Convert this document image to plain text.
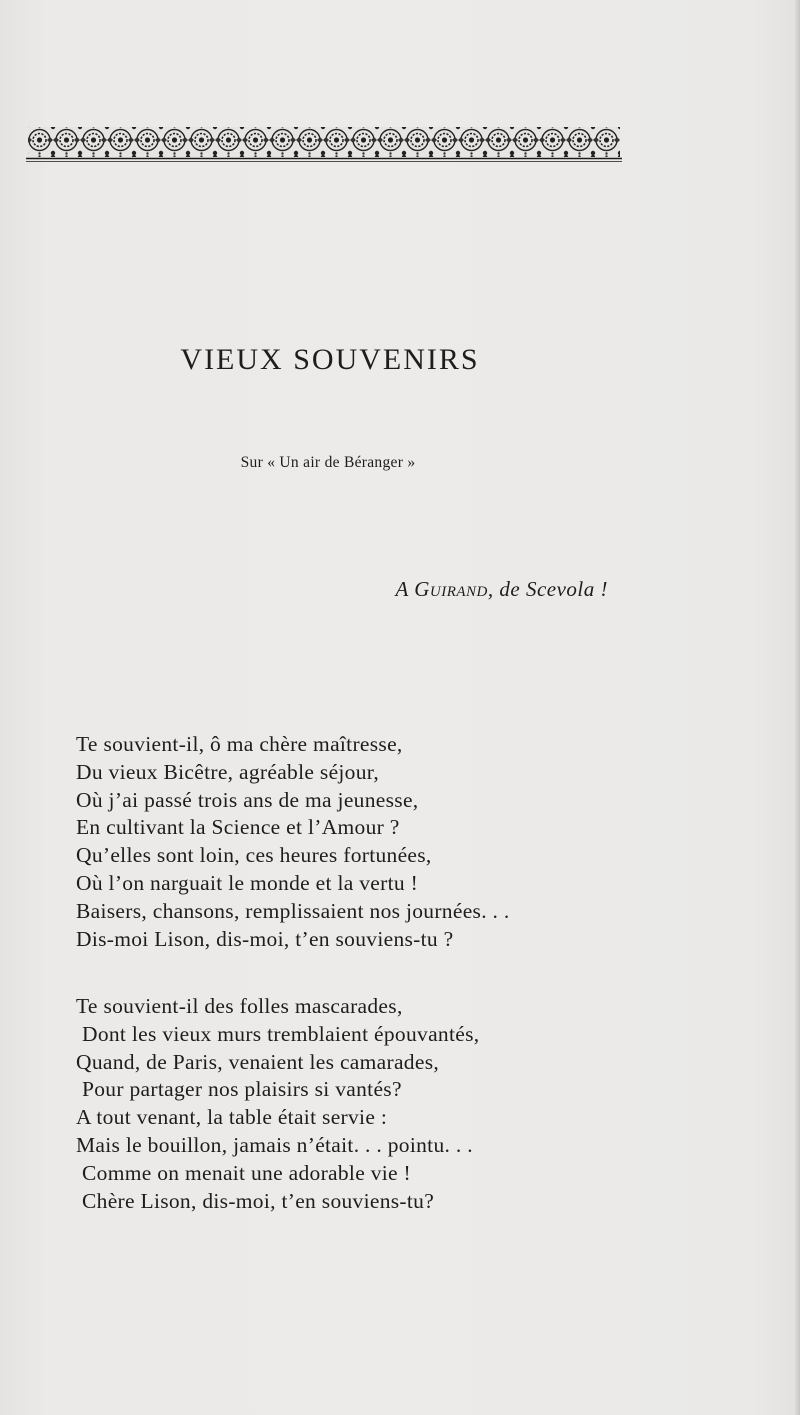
VIEUX SOUVENIRS
Sur « Un air de Béranger »
A Guirand, de Scevola !
Te souvient-il, ô ma chère maîtresse,
Du vieux Bicêtre, agréable séjour,
Où j’ai passé trois ans de ma jeunesse,
En cultivant la Science et l’Amour ?
Qu’elles sont loin, ces heures fortunées,
Où l’on narguait le monde et la vertu !
Baisers, chansons, remplissaient nos journées. . .
Dis-moi Lison, dis-moi, t’en souviens-tu ?
Te souvient-il des folles mascarades,
Dont les vieux murs tremblaient épouvantés,
Quand, de Paris, venaient les camarades,
Pour partager nos plaisirs si vantés?
A tout venant, la table était servie :
Mais le bouillon, jamais n’était. . . pointu. . .
Comme on menait une adorable vie !
Chère Lison, dis-moi, t’en souviens-tu?
